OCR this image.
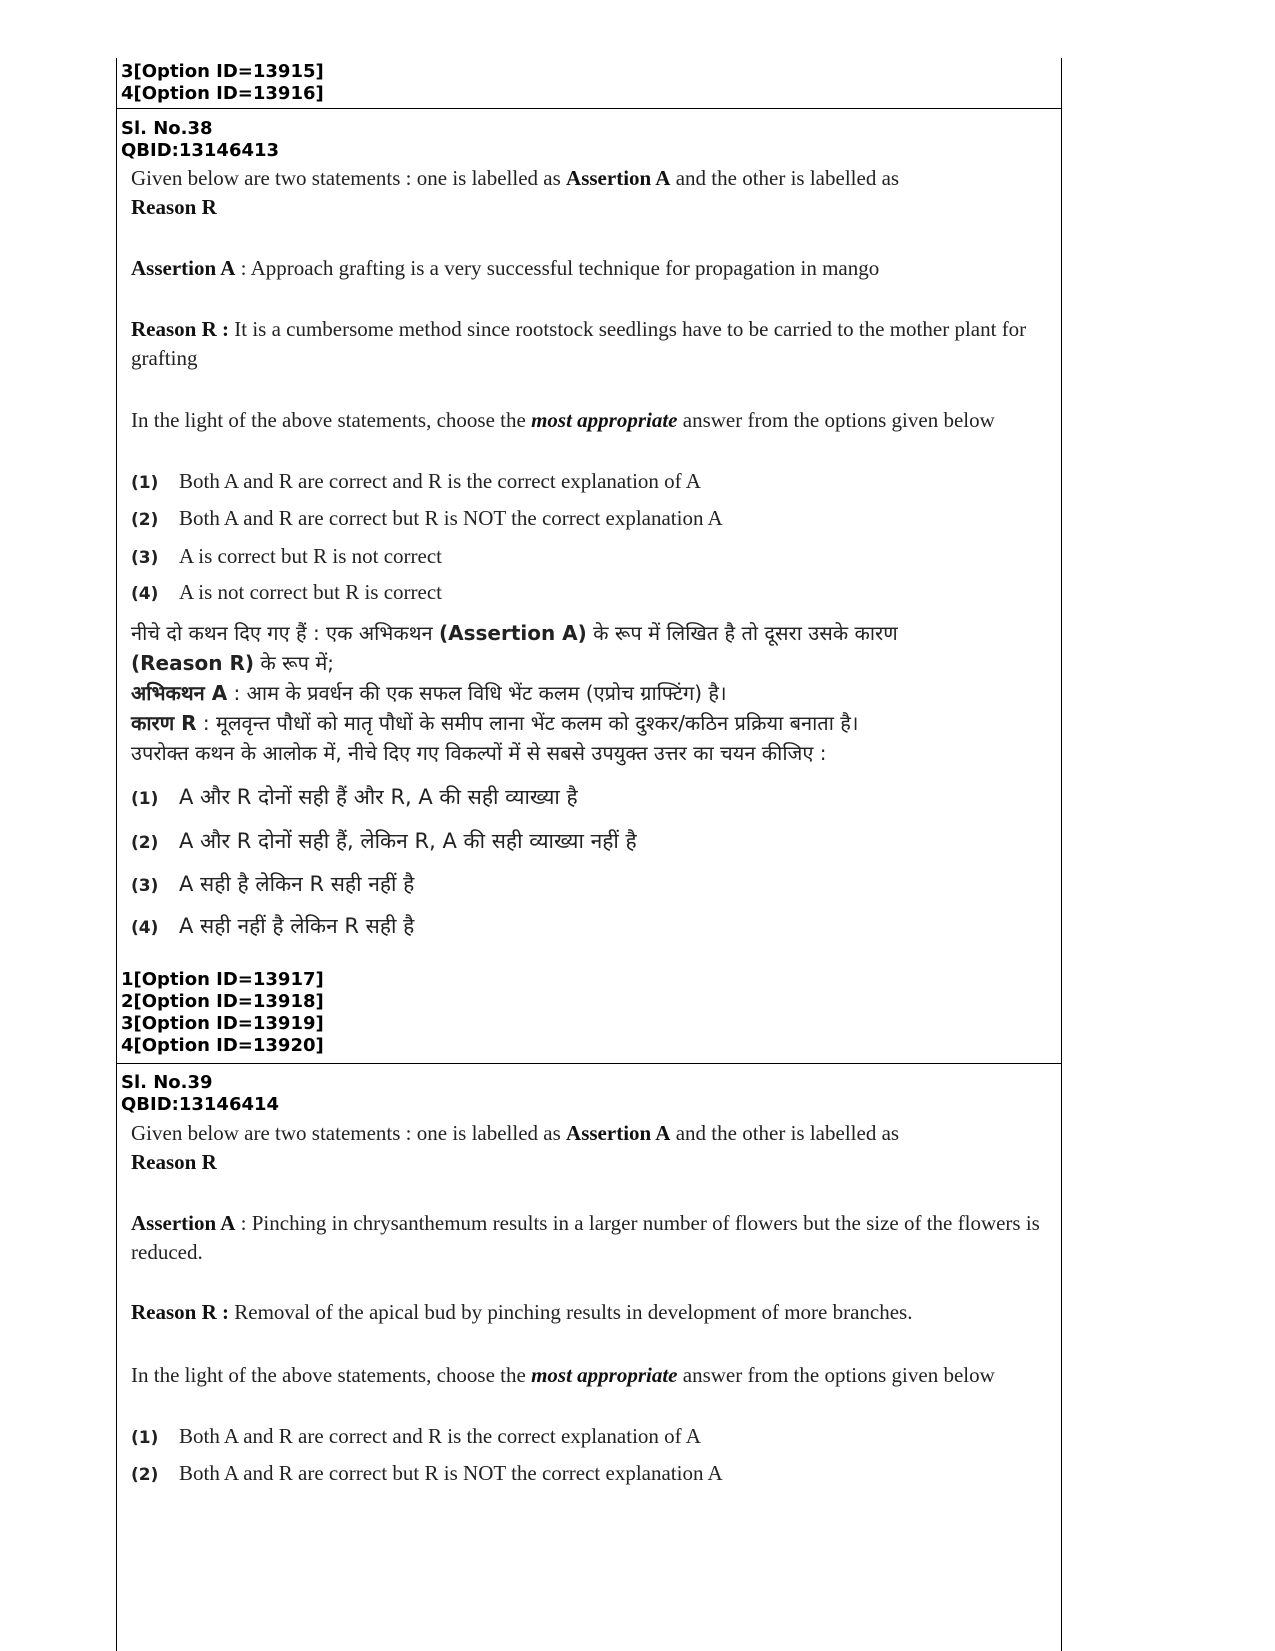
3[Option ID=13915]
4[Option ID=13916]
Sl. No.38
QBID:13146413
Given below are two statements : one is labelled as Assertion A and the other is labelled as
Reason R
Assertion A : Approach grafting is a very successful technique for propagation in mango
Reason R : It is a cumbersome method since rootstock seedlings have to be carried to the mother plant for grafting
In the light of the above statements, choose the most appropriate answer from the options given below
(1) Both A and R are correct and R is the correct explanation of A
(2) Both A and R are correct but R is NOT the correct explanation A
(3) A is correct but R is not correct
(4) A is not correct but R is correct
नीचे दो कथन दिए गए हैं : एक अभिकथन (Assertion A) के रूप में लिखित है तो दूसरा उसके कारण
(Reason R) के रूप में;
अभिकथन A : आम के प्रवर्धन की एक सफल विधि भेंट कलम (एप्रोच ग्राफ्टिंग) है।
कारण R : मूलवृन्त पौधों को मातृ पौधों के समीप लाना भेंट कलम को दुश्कर/कठिन प्रक्रिया बनाता है।
उपरोक्त कथन के आलोक में, नीचे दिए गए विकल्पों में से सबसे उपयुक्त उत्तर का चयन कीजिए :
(1) A और R दोनों सही हैं और R, A की सही व्याख्या है
(2) A और R दोनों सही हैं, लेकिन R, A की सही व्याख्या नहीं है
(3) A सही है लेकिन R सही नहीं है
(4) A सही नहीं है लेकिन R सही है
1[Option ID=13917]
2[Option ID=13918]
3[Option ID=13919]
4[Option ID=13920]
Sl. No.39
QBID:13146414
Given below are two statements : one is labelled as Assertion A and the other is labelled as
Reason R
Assertion A : Pinching in chrysanthemum results in a larger number of flowers but the size of the flowers is reduced.
Reason R : Removal of the apical bud by pinching results in development of more branches.
In the light of the above statements, choose the most appropriate answer from the options given below
(1) Both A and R are correct and R is the correct explanation of A
(2) Both A and R are correct but R is NOT the correct explanation A
